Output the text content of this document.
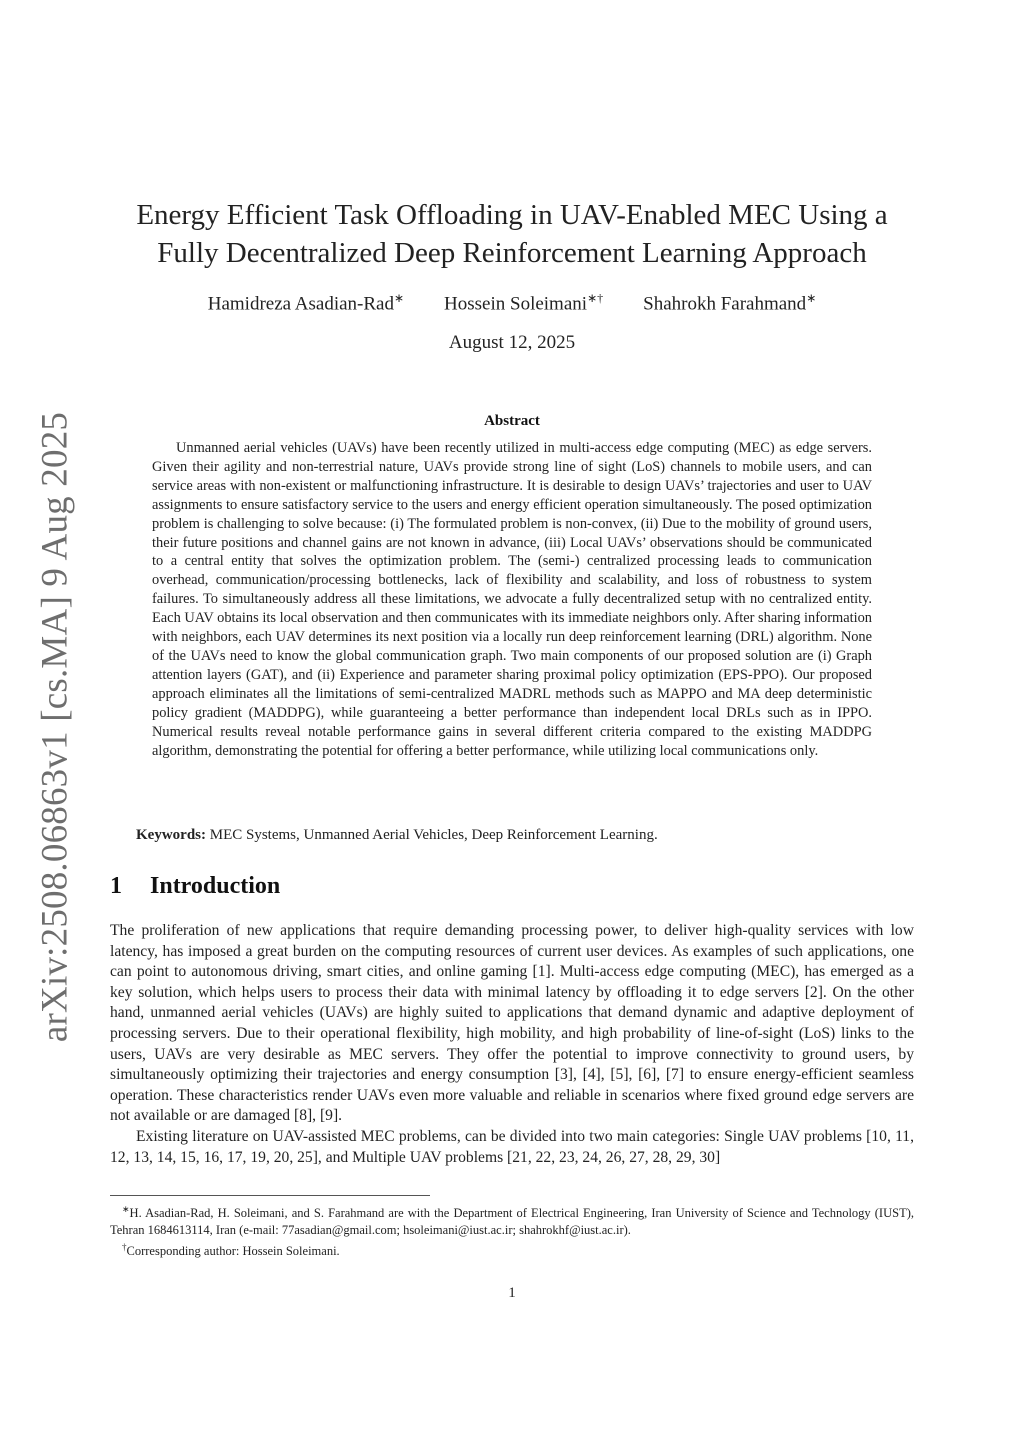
arXiv:2508.06863v1 [cs.MA] 9 Aug 2025
Energy Efficient Task Offloading in UAV-Enabled MEC Using a
Fully Decentralized Deep Reinforcement Learning Approach
Hamidreza Asadian-Rad∗ Hossein Soleimani∗† Shahrokh Farahmand∗
August 12, 2025
Abstract
Unmanned aerial vehicles (UAVs) have been recently utilized in multi-access edge computing (MEC) as edge servers. Given their agility and non-terrestrial nature, UAVs provide strong line of sight (LoS) channels to mobile users, and can service areas with non-existent or malfunctioning infrastructure. It is desirable to design UAVs’ trajectories and user to UAV assignments to ensure satisfactory service to the users and energy efficient operation simultaneously. The posed optimization problem is challenging to solve because: (i) The formulated problem is non-convex, (ii) Due to the mobility of ground users, their future positions and channel gains are not known in advance, (iii) Local UAVs’ observations should be communicated to a central entity that solves the optimization problem. The (semi-) centralized processing leads to communication overhead, communication/processing bottlenecks, lack of flexibility and scalability, and loss of robustness to system failures. To simultaneously address all these limitations, we advocate a fully decentralized setup with no centralized entity. Each UAV obtains its local observation and then communicates with its immediate neighbors only. After sharing information with neighbors, each UAV determines its next position via a locally run deep reinforcement learning (DRL) algorithm. None of the UAVs need to know the global communication graph. Two main components of our proposed solution are (i) Graph attention layers (GAT), and (ii) Experience and parameter sharing proximal policy optimization (EPS-PPO). Our proposed approach eliminates all the limitations of semi-centralized MADRL methods such as MAPPO and MA deep deterministic policy gradient (MADDPG), while guaranteeing a better performance than independent local DRLs such as in IPPO. Numerical results reveal notable performance gains in several different criteria compared to the existing MADDPG algorithm, demonstrating the potential for offering a better performance, while utilizing local communications only.
Keywords: MEC Systems, Unmanned Aerial Vehicles, Deep Reinforcement Learning.
1 Introduction

The proliferation of new applications that require demanding processing power, to deliver high-quality services with low latency, has imposed a great burden on the computing resources of current user devices. As examples of such applications, one can point to autonomous driving, smart cities, and online gaming [1]. Multi-access edge computing (MEC), has emerged as a key solution, which helps users to process their data with minimal latency by offloading it to edge servers [2]. On the other hand, unmanned aerial vehicles (UAVs) are highly suited to applications that demand dynamic and adaptive deployment of processing servers. Due to their operational flexibility, high mobility, and high probability of line-of-sight (LoS) links to the users, UAVs are very desirable as MEC servers. They offer the potential to improve connectivity to ground users, by simultaneously optimizing their trajectories and energy consumption [3], [4], [5], [6], [7] to ensure energy-efficient seamless operation. These characteristics render UAVs even more valuable and reliable in scenarios where fixed ground edge servers are not available or are damaged [8], [9].

Existing literature on UAV-assisted MEC problems, can be divided into two main categories: Single UAV problems [10, 11, 12, 13, 14, 15, 16, 17, 19, 20, 25], and Multiple UAV problems [21, 22, 23, 24, 26, 27, 28, 29, 30]

∗H. Asadian-Rad, H. Soleimani, and S. Farahmand are with the Department of Electrical Engineering, Iran University of Science and Technology (IUST), Tehran 1684613114, Iran (e-mail: 77asadian@gmail.com; hsoleimani@iust.ac.ir; shahrokhf@iust.ac.ir).

†Corresponding author: Hossein Soleimani.

1
